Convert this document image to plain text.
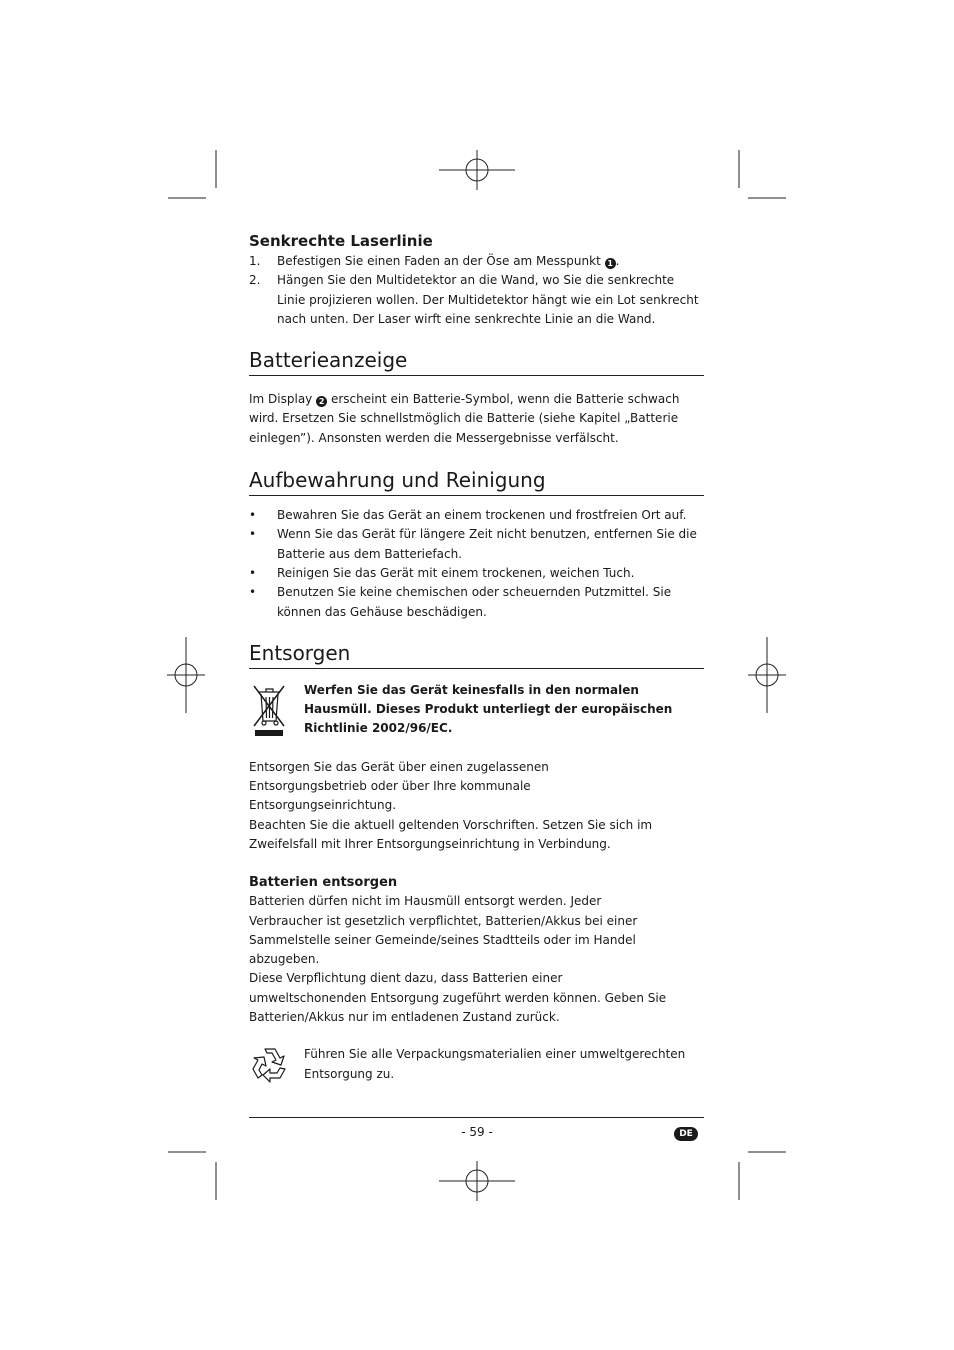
Senkrechte Laserlinie
1. Befestigen Sie einen Faden an der Öse am Messpunkt 1 .
2. Hängen Sie den Multidetektor an die Wand, wo Sie die senkrechte Linie projizieren wollen. Der Multidetektor hängt wie ein Lot senkrecht nach unten. Der Laser wirft eine senkrechte Linie an die Wand.
Batterieanzeige

Im Display 2 erscheint ein Batterie-Symbol, wenn die Batterie schwach wird. Ersetzen Sie schnellstmöglich die Batterie (siehe Kapitel „Batterie einlegen”). Ansonsten werden die Messergebnisse verfälscht.

Aufbewahrung und Reinigung
• Bewahren Sie das Gerät an einem trockenen und frostfreien Ort auf.
• Wenn Sie das Gerät für längere Zeit nicht benutzen, entfernen Sie die Batterie aus dem Batteriefach.
• Reinigen Sie das Gerät mit einem trockenen, weichen Tuch.
• Benutzen Sie keine chemischen oder scheuernden Putzmittel. Sie können das Gehäuse beschädigen.
Entsorgen

Werfen Sie das Gerät keinesfalls in den normalen Hausmüll. Dieses Produkt unterliegt der europäischen Richtlinie 2002/96/EC.

Entsorgen Sie das Gerät über einen zugelassenen Entsorgungsbetrieb oder über Ihre kommunale Entsorgungseinrichtung.

Beachten Sie die aktuell geltenden Vorschriften. Setzen Sie sich im Zweifelsfall mit Ihrer Entsorgungseinrichtung in Verbindung.

Batterien entsorgen

Batterien dürfen nicht im Hausmüll entsorgt werden. Jeder Verbraucher ist gesetzlich verpflichtet, Batterien/Akkus bei einer Sammelstelle seiner Gemeinde/seines Stadtteils oder im Handel abzugeben.

Diese Verpflichtung dient dazu, dass Batterien einer umweltschonenden Entsorgung zugeführt werden können. Geben Sie Batterien/Akkus nur im entladenen Zustand zurück.

Führen Sie alle Verpackungsmaterialien einer umweltgerechten Entsorgung zu.

- 59 -	DE
